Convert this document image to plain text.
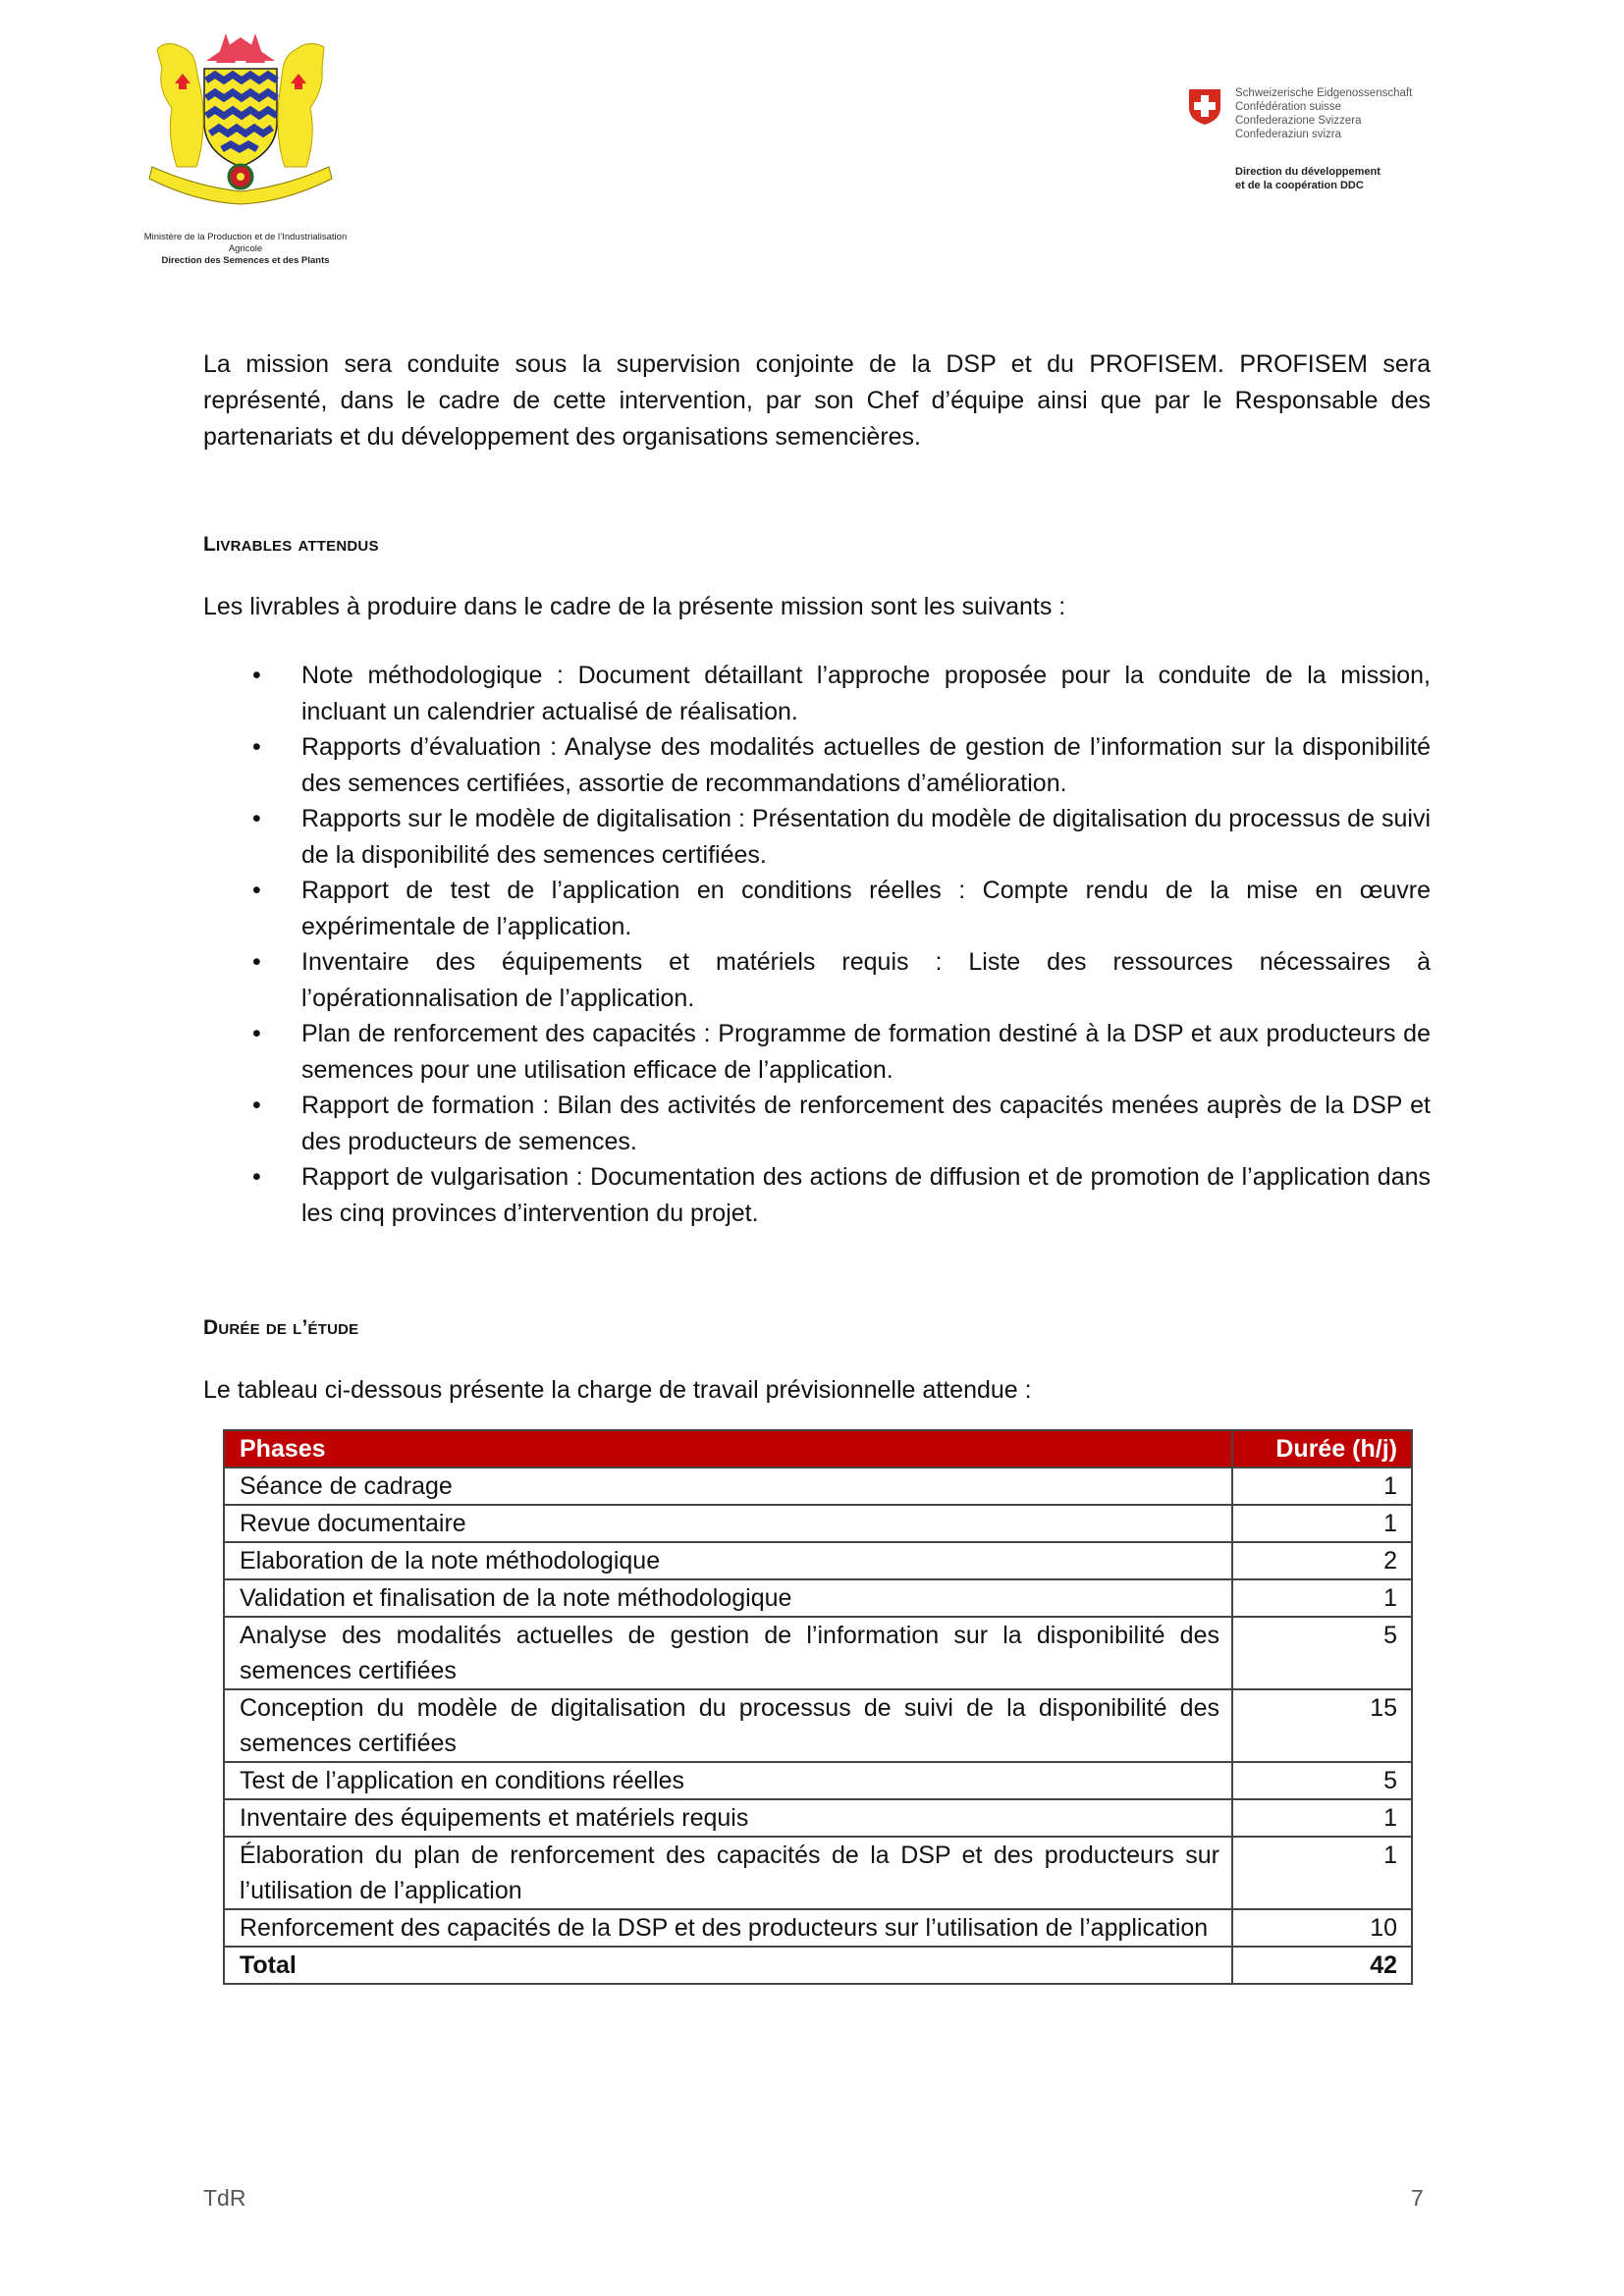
Ministère de la Production et de l’Industrialisation
Agricole
Direction des Semences et des Plants
Schweizerische Eidgenossenschaft
Confédération suisse
Confederazione Svizzera
Confederaziun svizra
Direction du développement
et de la coopération DDC

La mission sera conduite sous la supervision conjointe de la DSP et du PROFISEM. PROFISEM sera représenté, dans le cadre de cette intervention, par son Chef d’équipe ainsi que par le Responsable des partenariats et du développement des organisations semencières.

Livrables attendus
Les livrables à produire dans le cadre de la présente mission sont les suivants :
• Note méthodologique : Document détaillant l’approche proposée pour la conduite de la mission, incluant un calendrier actualisé de réalisation.
• Rapports d’évaluation : Analyse des modalités actuelles de gestion de l’information sur la disponibilité des semences certifiées, assortie de recommandations d’amélioration.
• Rapports sur le modèle de digitalisation : Présentation du modèle de digitalisation du processus de suivi de la disponibilité des semences certifiées.
• Rapport de test de l’application en conditions réelles : Compte rendu de la mise en œuvre expérimentale de l’application.
• Inventaire des équipements et matériels requis : Liste des ressources nécessaires à l’opérationnalisation de l’application.
• Plan de renforcement des capacités : Programme de formation destiné à la DSP et aux producteurs de semences pour une utilisation efficace de l’application.
• Rapport de formation : Bilan des activités de renforcement des capacités menées auprès de la DSP et des producteurs de semences.
• Rapport de vulgarisation : Documentation des actions de diffusion et de promotion de l’application dans les cinq provinces d’intervention du projet.
Durée de l’étude
Le tableau ci-dessous présente la charge de travail prévisionnelle attendue :
Phases	Durée (h/j)
Séance de cadrage	1
Revue documentaire	1
Elaboration de la note méthodologique	2
Validation et finalisation de la note méthodologique	1
Analyse des modalités actuelles de gestion de l’information sur la disponibilité des semences certifiées	5
Conception du modèle de digitalisation du processus de suivi de la disponibilité des semences certifiées	15
Test de l’application en conditions réelles	5
Inventaire des équipements et matériels requis	1
Élaboration du plan de renforcement des capacités de la DSP et des producteurs sur l’utilisation de l’application	1
Renforcement des capacités de la DSP et des producteurs sur l’utilisation de l’application	10
Total	42
TdR	7
